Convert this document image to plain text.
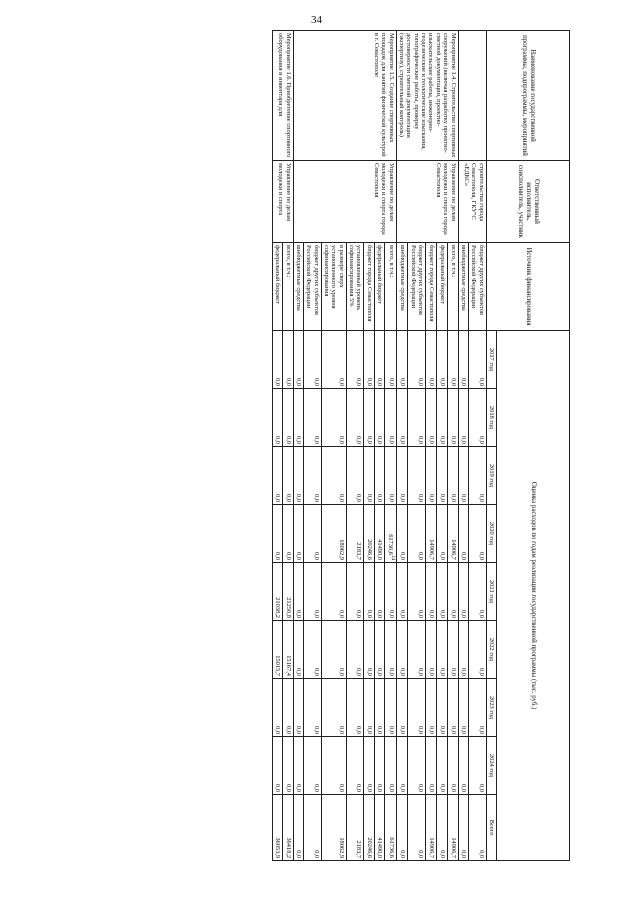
34
Наименование государственной программы, подпрограммы, мероприятий	Ответственный исполнитель, соисполнитель, участник	Источник финансирования	Оценка расходов по годам реализации государственной программы (тыс. руб.)								
			2017 год	2018 год	2019 год	2020 год	2021 год	2022 год	2023 год	2024 год	Всего
	строительства города Севастополя, ГКУ"С «ЕДКС»	бюджет других субъектов Российской Федерации	0,0	0,0	0,0	0,0	0,0	0,0	0,0	0,0	0,0
		внебюджетные средства	0,0	0,0	0,0	0,0	0,0	0,0	0,0	0,0	0,0
Мероприятие 1.4. Строительство спортивных сооружений (включая разработку проектно-сметной документации, проектно-изыскательские работы, инженерно-геодезические и геологические изыскания, топографические работы, проверку достоверности сметной документации (экспертизу), строительный контроль)	Управление по делам молодежи и спорта города Севастополя	всего, в т.ч.:	0,0	0,0	0,0	14906,7	0,0	0,0	0,0	0,0	14906,7
		федеральный бюджет	0,0	0,0	0,0	0,0	0,0	0,0	0,0	0,0	0,0
		бюджет города Севастополя	0,0	0,0	0,0	14906,7	0,0	0,0	0,0	0,0	14906,7
		бюджет других субъектов Российской Федерации	0,0	0,0	0,0	0,0	0,0	0,0	0,0	0,0	0,0
		внебюджетные средства	0,0	0,0	0,0	0,0	0,0	0,0	0,0	0,0	0,0
Мероприятие 1.5. Создание спортивных площадок для занятий физической культурой в г. Севастополе	Управление по делам молодежи и спорта города Севастополя	всего, в т.ч.:	0,0	0,0	0,0	61736,6$^{14}$	0,0	0,0	0,0	0,0	61736,6
		федеральный бюджет	0,0	0,0	0,0	41490,0	0,0	0,0	0,0	0,0	41490,0
		бюджет города Севастополя	0,0	0,0	0,0	20246,6	0,0	0,0	0,0	0,0	20246,6
		установленный уровень софинансирования 5%	0,0	0,0	0,0	2183,7	0,0	0,0	0,0	0,0	2183,7
		в размере сверх установленного уровня софинансирования	0,0	0,0	0,0	18062,9	0,0	0,0	0,0	0,0	18062,9
		бюджет других субъектов Российской Федерации	0,0	0,0	0,0	0,0	0,0	0,0	0,0	0,0	0,0
		внебюджетные средства	0,0	0,0	0,0	0,0	0,0	0,0	0,0	0,0	0,0
Мероприятие 1.6. Приобретение спортивного оборудования и инвентаря для	Управление по делам молодежи и спорта	всего, в т.ч.:	0,0	0,0	0,0	0,0	21250,8	15167,4	0,0	0,0	36418,2
		федеральный бюджет	0,0	0,0	0,0	0,0	21038,2	15015,7	0,0	0,0	36053,9
